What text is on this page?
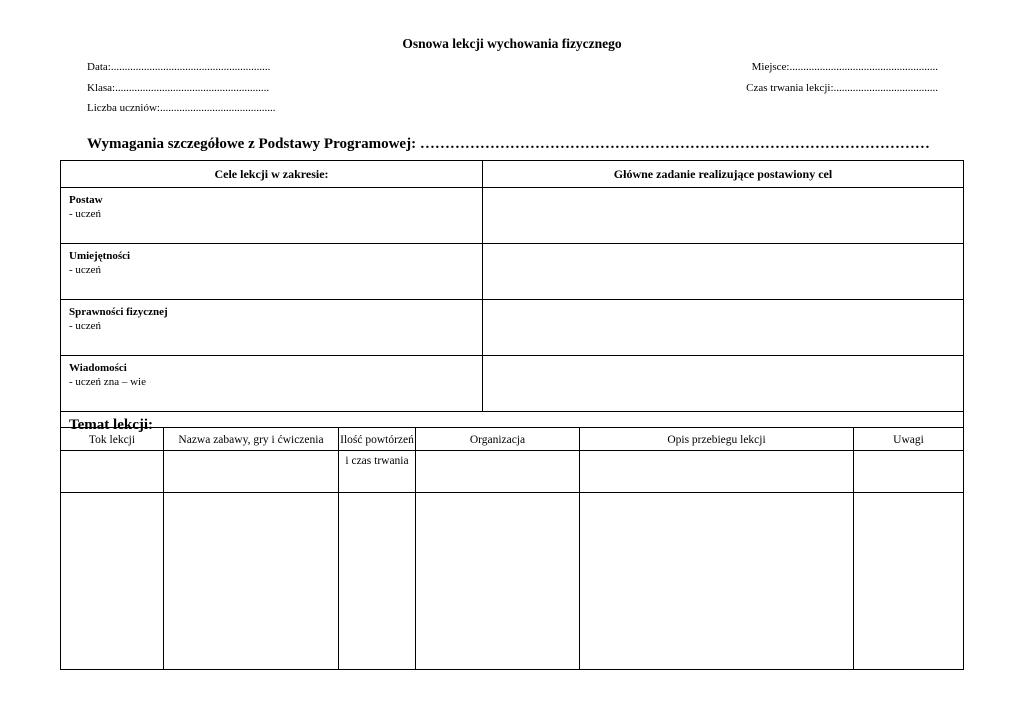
Osnowa lekcji wychowania fizycznego
Data:..........................................................	Miejsce:......................................................
Klasa:........................................................	Czas trwania lekcji:......................................
Liczba uczniów:..........................................
Wymagania szczegółowe z Podstawy Programowej: …………………………………………………………………………………………
Cele lekcji w zakresie:	Główne zadanie realizujące postawiony cel
Postaw
- uczeń	
Umiejętności
- uczeń	
Sprawności fizycznej
- uczeń	
Wiadomości
- uczeń zna – wie	
Temat lekcji:	
Tok lekcji	Nazwa zabawy, gry i ćwiczenia	Ilość powtórzeń i czas trwania	Organizacja	Opis przebiegu lekcji	Uwagi
